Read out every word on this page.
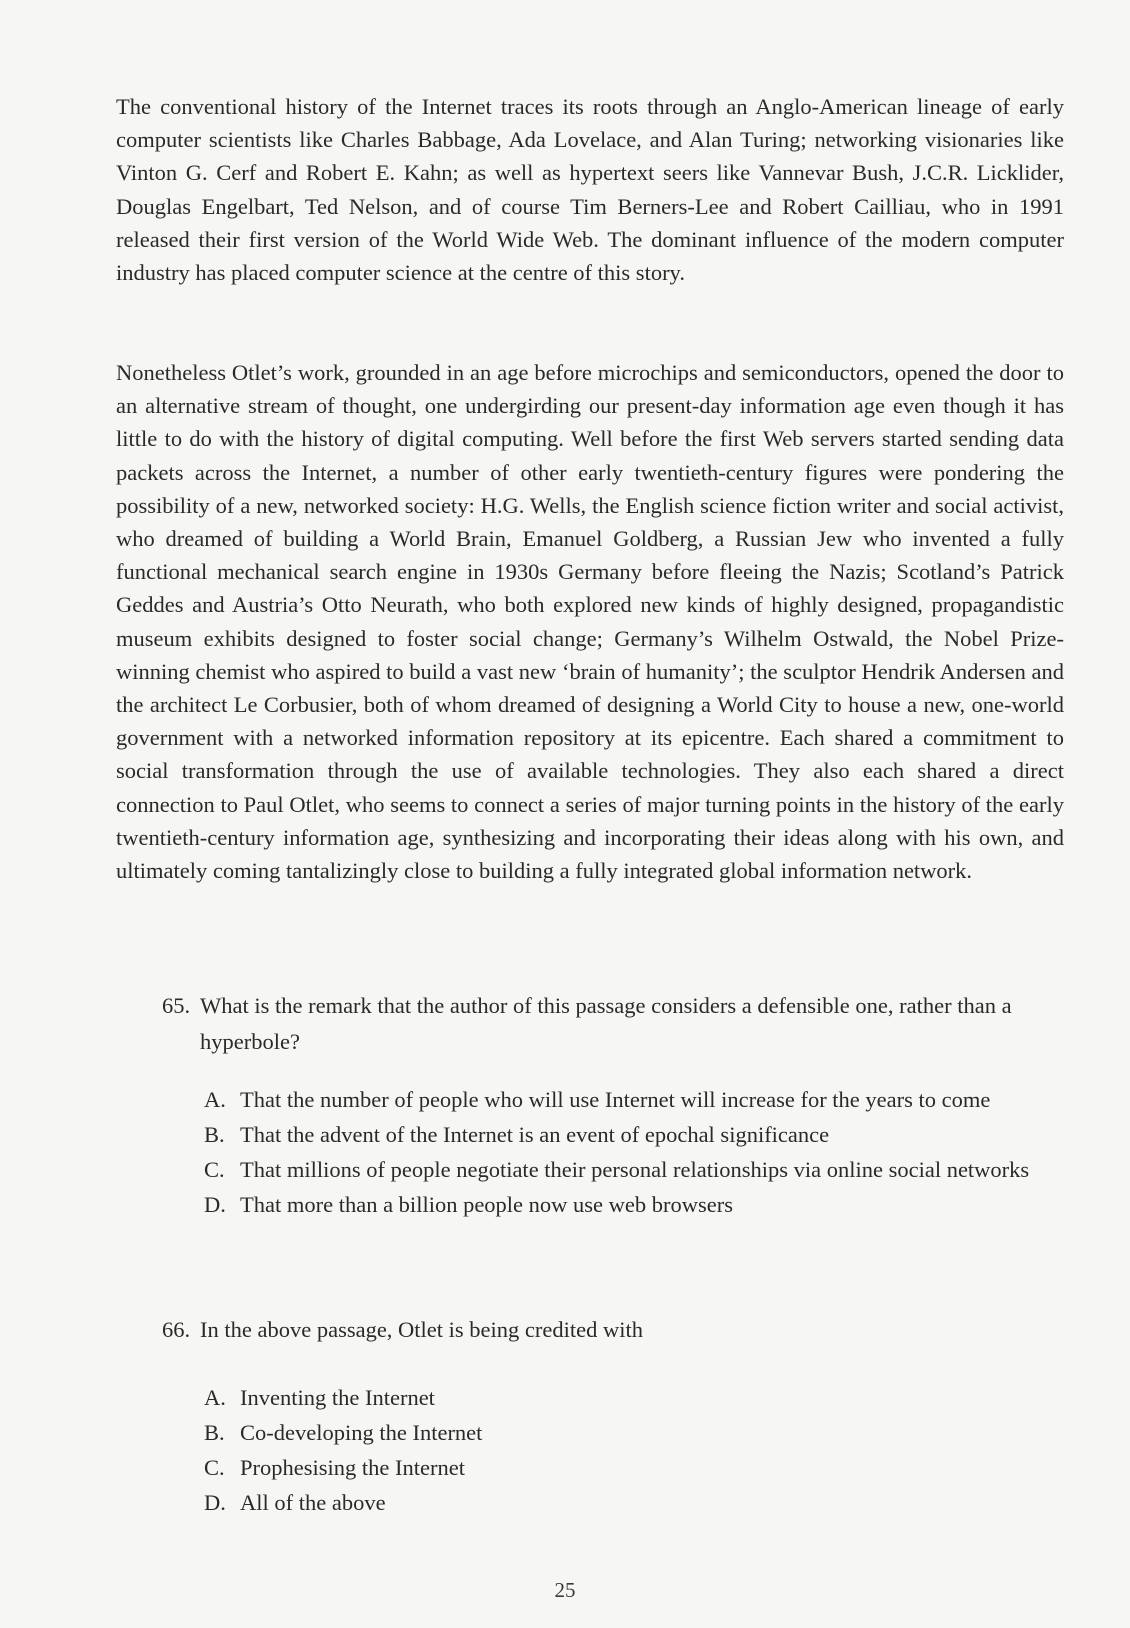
The conventional history of the Internet traces its roots through an Anglo-American lineage of early computer scientists like Charles Babbage, Ada Lovelace, and Alan Turing; networking visionaries like Vinton G. Cerf and Robert E. Kahn; as well as hypertext seers like Vannevar Bush, J.C.R. Licklider, Douglas Engelbart, Ted Nelson, and of course Tim Berners-Lee and Robert Cailliau, who in 1991 released their first version of the World Wide Web. The dominant influence of the modern computer industry has placed computer science at the centre of this story.

Nonetheless Otlet’s work, grounded in an age before microchips and semiconductors, opened the door to an alternative stream of thought, one undergirding our present-day information age even though it has little to do with the history of digital computing. Well before the first Web servers started sending data packets across the Internet, a number of other early twentieth-century figures were pondering the possibility of a new, networked society: H.G. Wells, the English science fiction writer and social activist, who dreamed of building a World Brain, Emanuel Goldberg, a Russian Jew who invented a fully functional mechanical search engine in 1930s Germany before fleeing the Nazis; Scotland’s Patrick Geddes and Austria’s Otto Neurath, who both explored new kinds of highly designed, propagandistic museum exhibits designed to foster social change; Germany’s Wilhelm Ostwald, the Nobel Prize-winning chemist who aspired to build a vast new ‘brain of humanity’; the sculptor Hendrik Andersen and the architect Le Corbusier, both of whom dreamed of designing a World City to house a new, one-world government with a networked information repository at its epicentre. Each shared a commitment to social transformation through the use of available technologies. They also each shared a direct connection to Paul Otlet, who seems to connect a series of major turning points in the history of the early twentieth-century information age, synthesizing and incorporating their ideas along with his own, and ultimately coming tantalizingly close to building a fully integrated global information network.

65. What is the remark that the author of this passage considers a defensible one, rather than a hyperbole?
A. That the number of people who will use Internet will increase for the years to come
B. That the advent of the Internet is an event of epochal significance
C. That millions of people negotiate their personal relationships via online social networks
D. That more than a billion people now use web browsers
66. In the above passage, Otlet is being credited with
A. Inventing the Internet
B. Co-developing the Internet
C. Prophesising the Internet
D. All of the above
25
